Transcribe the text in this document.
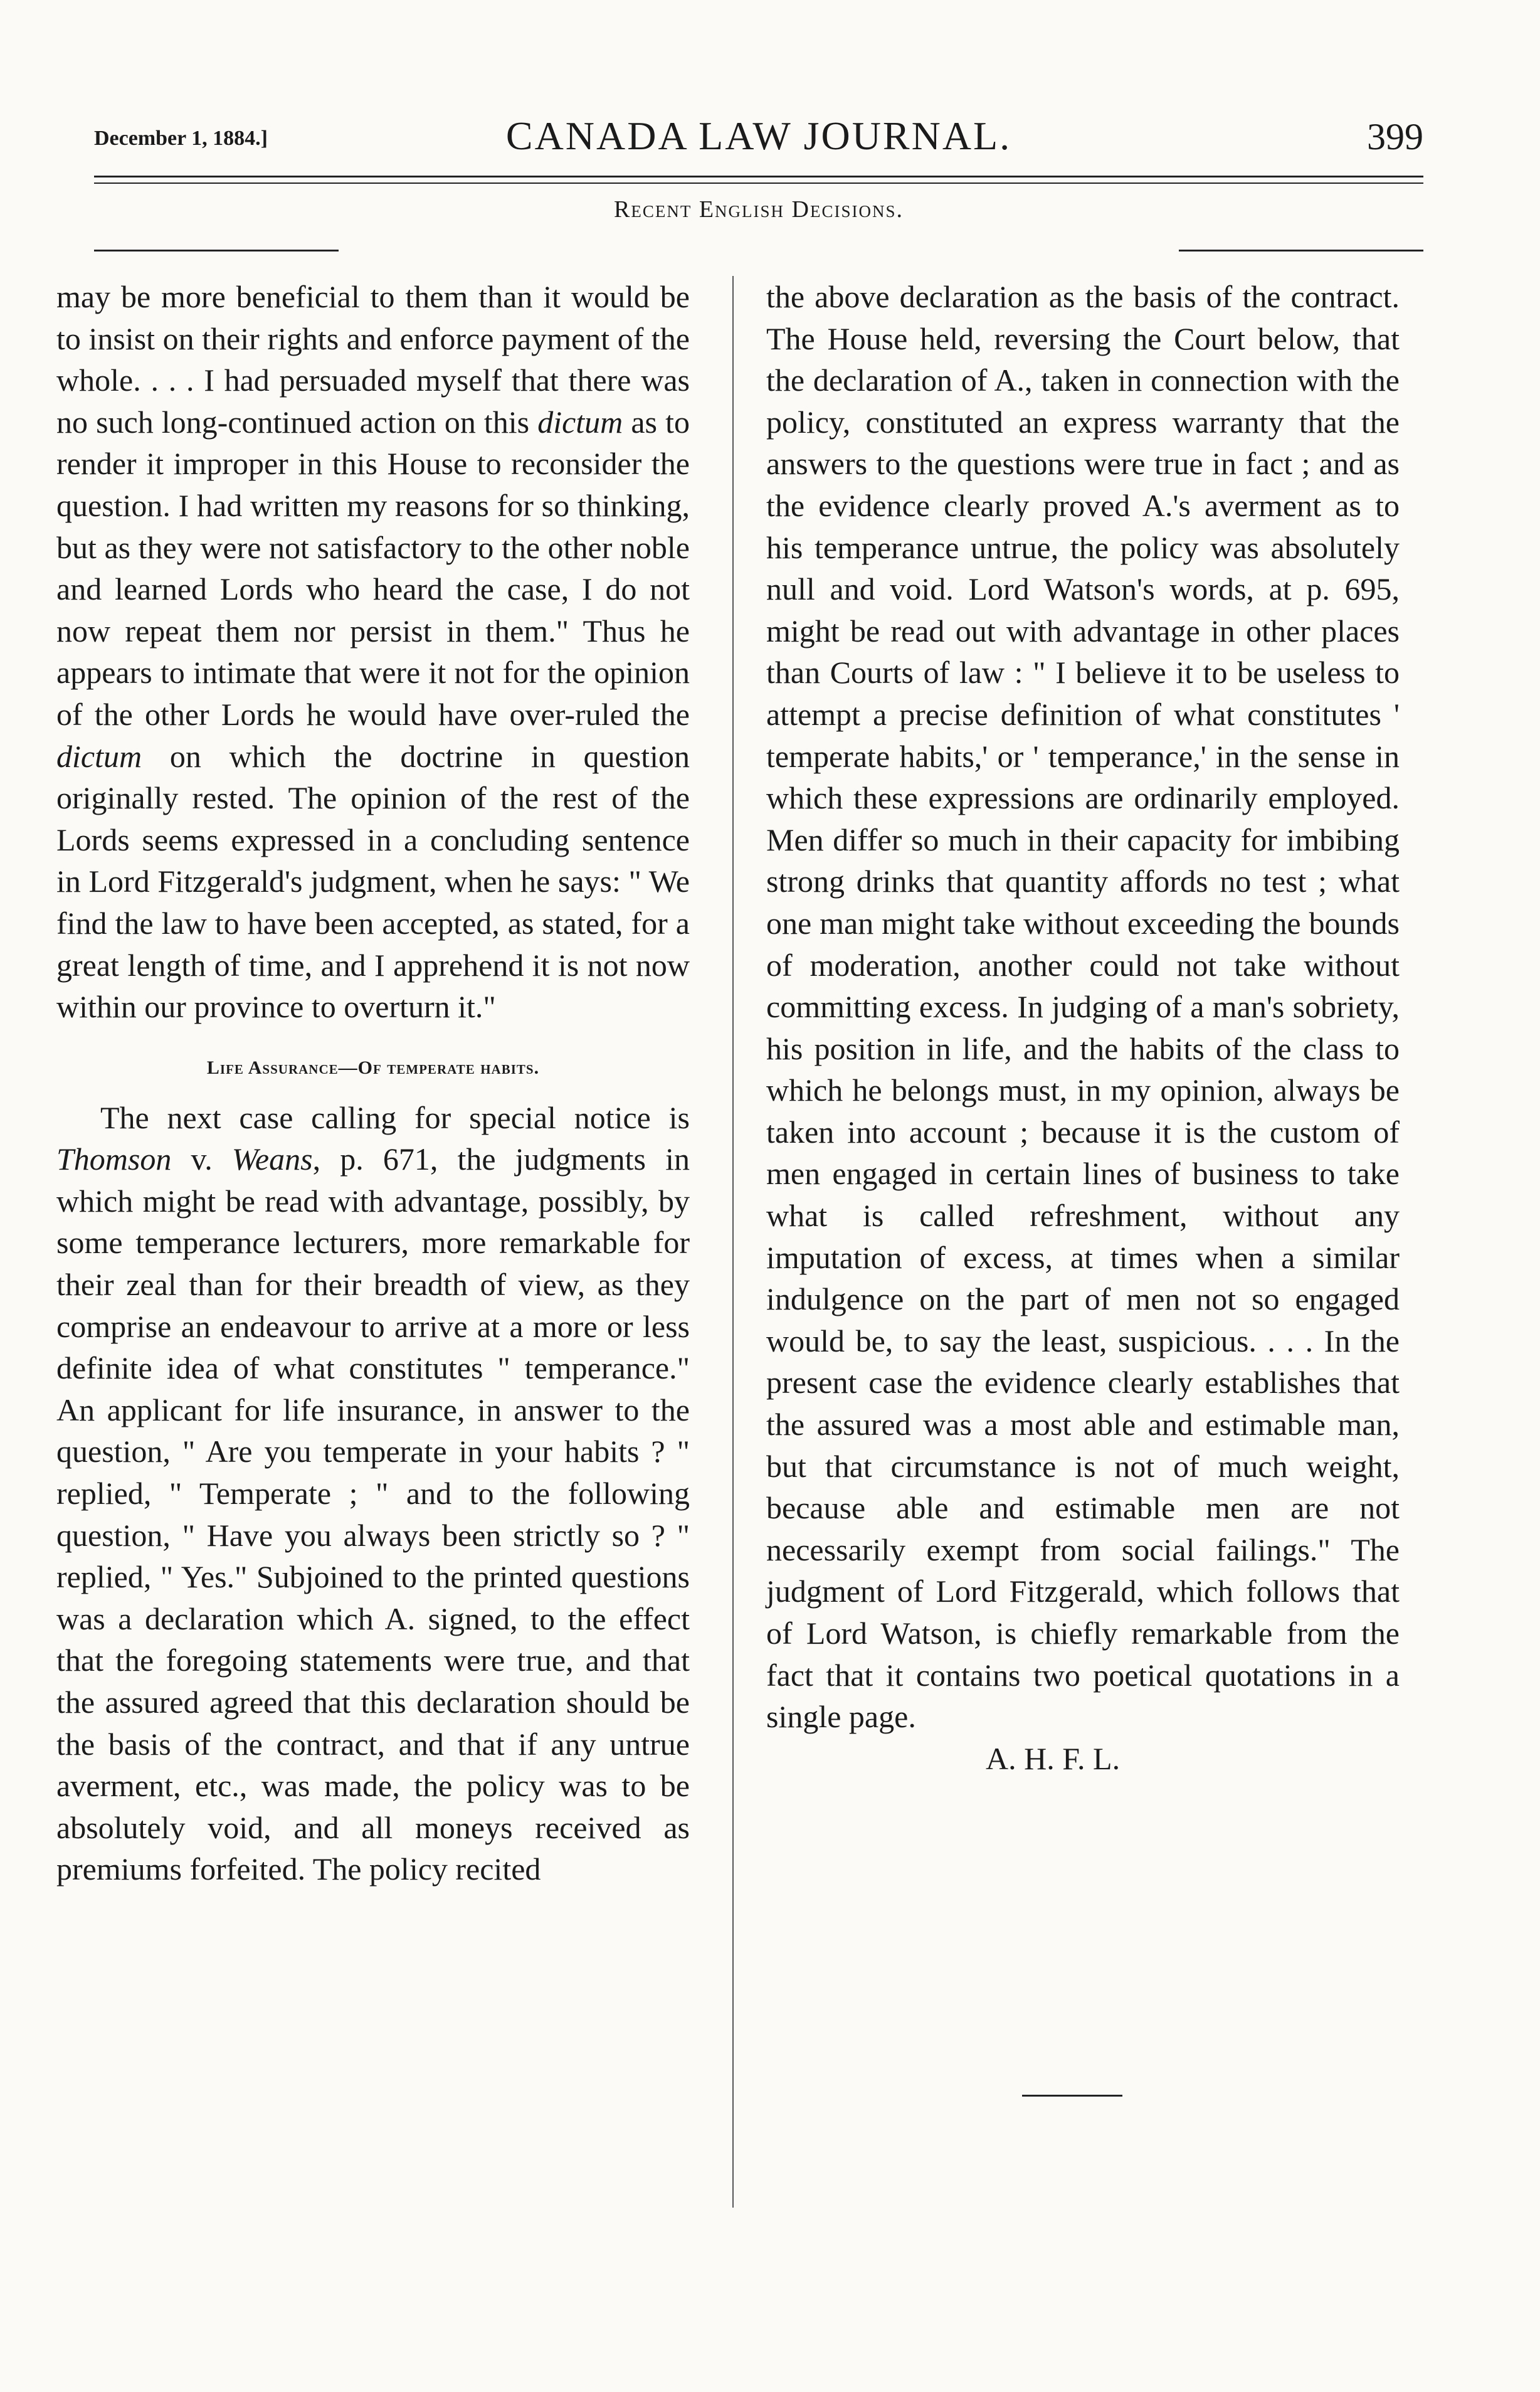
December 1, 1884.]	CANADA LAW JOURNAL.	399
Recent English Decisions.

may be more beneficial to them than it would be to insist on their rights and enforce payment of the whole. . . . I had persuaded myself that there was no such long-continued action on this dictum as to render it improper in this House to reconsider the question. I had written my reasons for so thinking, but as they were not satisfactory to the other noble and learned Lords who heard the case, I do not now repeat them nor persist in them." Thus he appears to intimate that were it not for the opinion of the other Lords he would have over-ruled the dictum on which the doctrine in question originally rested. The opinion of the rest of the Lords seems expressed in a concluding sentence in Lord Fitzgerald's judgment, when he says: " We find the law to have been accepted, as stated, for a great length of time, and I apprehend it is not now within our province to overturn it."

Life Assurance—Of temperate habits.

The next case calling for special notice is Thomson v. Weans, p. 671, the judgments in which might be read with advantage, possibly, by some temperance lecturers, more remarkable for their zeal than for their breadth of view, as they comprise an endeavour to arrive at a more or less definite idea of what constitutes " temperance." An applicant for life insurance, in answer to the question, " Are you temperate in your habits ? " replied, " Temperate ; " and to the following question, " Have you always been strictly so ? " replied, " Yes." Subjoined to the printed questions was a declaration which A. signed, to the effect that the foregoing statements were true, and that the assured agreed that this declaration should be the basis of the contract, and that if any untrue averment, etc., was made, the policy was to be absolutely void, and all moneys received as premiums forfeited. The policy recited

the above declaration as the basis of the contract. The House held, reversing the Court below, that the declaration of A., taken in connection with the policy, constituted an express warranty that the answers to the questions were true in fact ; and as the evidence clearly proved A.'s averment as to his temperance untrue, the policy was absolutely null and void. Lord Watson's words, at p. 695, might be read out with advantage in other places than Courts of law : " I believe it to be useless to attempt a precise definition of what constitutes ' temperate habits,' or ' temperance,' in the sense in which these expressions are ordinarily employed. Men differ so much in their capacity for imbibing strong drinks that quantity affords no test ; what one man might take without exceeding the bounds of moderation, another could not take without committing excess. In judging of a man's sobriety, his position in life, and the habits of the class to which he belongs must, in my opinion, always be taken into account ; because it is the custom of men engaged in certain lines of business to take what is called refreshment, without any imputation of excess, at times when a similar indulgence on the part of men not so engaged would be, to say the least, suspicious. . . . In the present case the evidence clearly establishes that the assured was a most able and estimable man, but that circumstance is not of much weight, because able and estimable men are not necessarily exempt from social failings." The judgment of Lord Fitzgerald, which follows that of Lord Watson, is chiefly remarkable from the fact that it contains two poetical quotations in a single page.

A. H. F. L.
